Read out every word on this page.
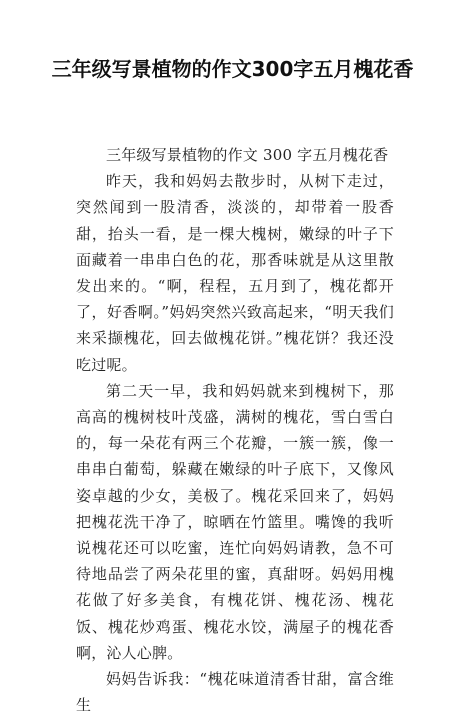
三年级写景植物的作文300字五月槐花香

三年级写景植物的作文 300 字五月槐花香

昨天，我和妈妈去散步时，从树下走过，突然闻到一股清香，淡淡的，却带着一股香甜，抬头一看，是一棵大槐树，嫩绿的叶子下面藏着一串串白色的花，那香味就是从这里散发出来的。“啊，程程，五月到了，槐花都开了，好香啊。”妈妈突然兴致高起来，“明天我们来采撷槐花，回去做槐花饼。”槐花饼？我还没吃过呢。

第二天一早，我和妈妈就来到槐树下，那高高的槐树枝叶茂盛，满树的槐花，雪白雪白的，每一朵花有两三个花瓣，一簇一簇，像一串串白葡萄，躲藏在嫩绿的叶子底下，又像风姿卓越的少女，美极了。槐花采回来了，妈妈把槐花洗干净了，晾晒在竹篮里。嘴馋的我听说槐花还可以吃蜜，连忙向妈妈请教，急不可待地品尝了两朵花里的蜜，真甜呀。妈妈用槐花做了好多美食，有槐花饼、槐花汤、槐花饭、槐花炒鸡蛋、槐花水饺，满屋子的槐花香啊，沁人心脾。

妈妈告诉我：“槐花味道清香甘甜，富含维生
